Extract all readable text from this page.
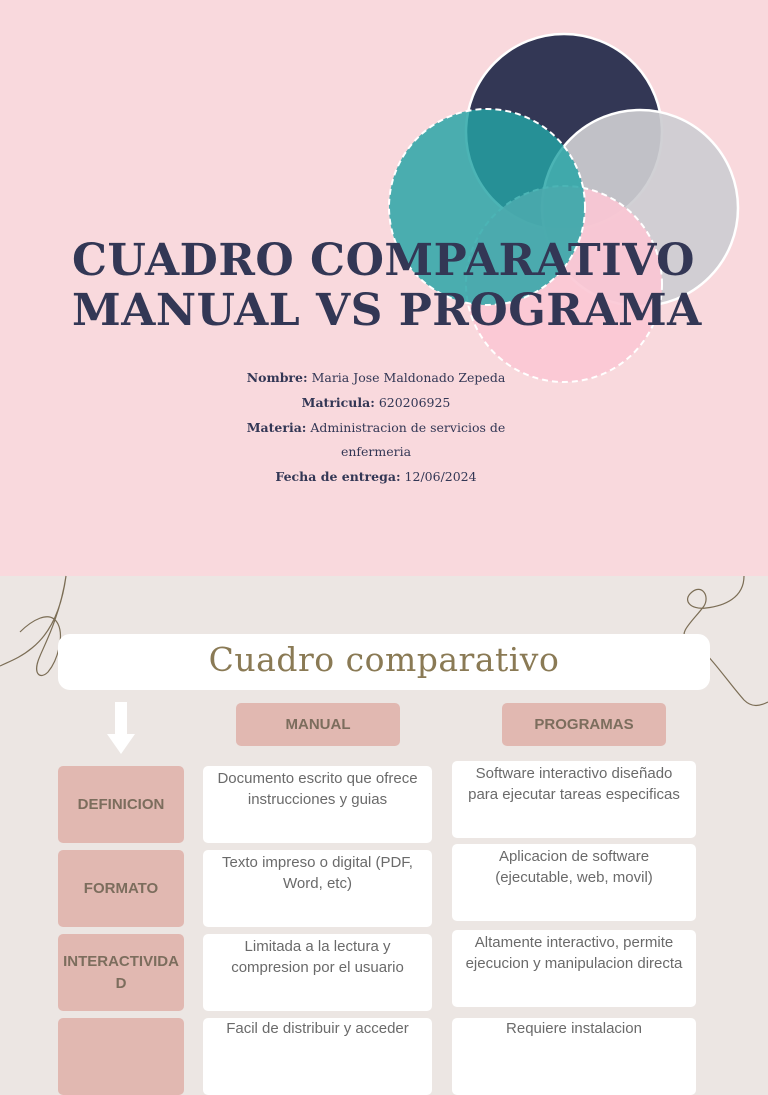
CUADRO COMPARATIVO
MANUAL VS PROGRAMA
Nombre: Maria Jose Maldonado Zepeda
Matricula: 620206925
Materia: Administracion de servicios de enfermeria
Fecha de entrega: 12/06/2024
Cuadro comparativo
MANUAL	PROGRAMAS
DEFINICION
Documento escrito que ofrece instrucciones y guias
Software interactivo diseñado para ejecutar tareas especificas
FORMATO
Texto impreso o digital (PDF, Word, etc)
Aplicacion de software (ejecutable, web, movil)
INTERACTIVIDAD
Limitada a la lectura y compresion por el usuario
Altamente interactivo, permite ejecucion y manipulacion directa
Facil de distribuir y acceder	Requiere instalacion
